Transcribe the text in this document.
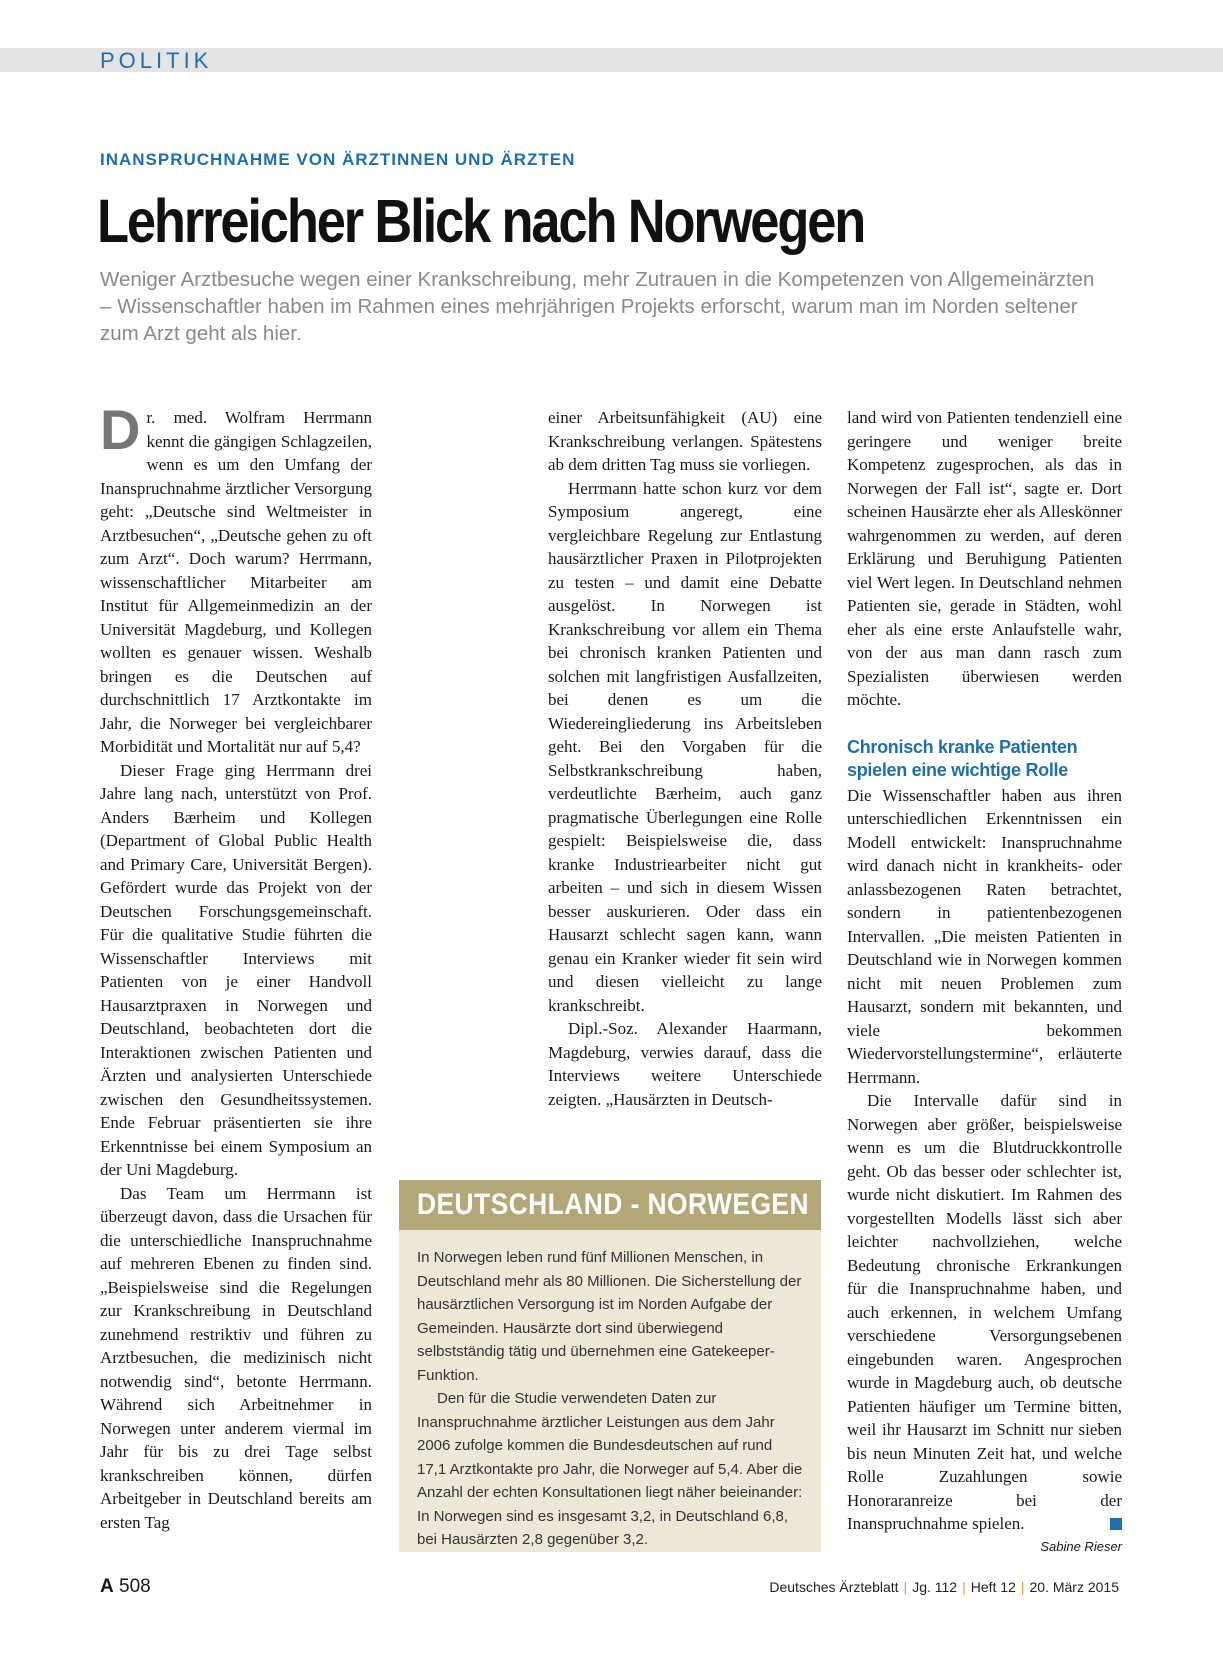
POLITIK
INANSPRUCHNAHME VON ÄRZTINNEN UND ÄRZTEN
Lehrreicher Blick nach Norwegen
Weniger Arztbesuche wegen einer Krankschreibung, mehr Zutrauen in die Kompetenzen von Allgemeinärzten – Wissenschaftler haben im Rahmen eines mehrjährigen Projekts erforscht, warum man im Norden seltener zum Arzt geht als hier.

Dr. med. Wolfram Herrmann kennt die gängigen Schlagzeilen, wenn es um den Umfang der Inanspruchnahme ärztlicher Versorgung geht: „Deutsche sind Weltmeister in Arztbesuchen“, „Deutsche gehen zu oft zum Arzt“. Doch warum? Herrmann, wissenschaftlicher Mitarbeiter am Institut für Allgemeinmedizin an der Universität Magdeburg, und Kollegen wollten es genauer wissen. Weshalb bringen es die Deutschen auf durchschnittlich 17 Arztkontakte im Jahr, die Norweger bei vergleichbarer Morbidität und Mortalität nur auf 5,4?

Dieser Frage ging Herrmann drei Jahre lang nach, unterstützt von Prof. Anders Bærheim und Kollegen (Department of Global Public Health and Primary Care, Universität Bergen). Gefördert wurde das Projekt von der Deutschen Forschungsgemeinschaft. Für die qualitative Studie führten die Wissenschaftler Interviews mit Patienten von je einer Handvoll Hausarztpraxen in Norwegen und Deutschland, beobachteten dort die Interaktionen zwischen Patienten und Ärzten und analysierten Unterschiede zwischen den Gesundheitssystemen. Ende Februar präsentierten sie ihre Erkenntnisse bei einem Symposium an der Uni Magdeburg.

Das Team um Herrmann ist überzeugt davon, dass die Ursachen für die unterschiedliche Inanspruchnahme auf mehreren Ebenen zu finden sind. „Beispielsweise sind die Regelungen zur Krankschreibung in Deutschland zunehmend restriktiv und führen zu Arztbesuchen, die medizinisch nicht notwendig sind“, betonte Herrmann. Während sich Arbeitnehmer in Norwegen unter anderem viermal im Jahr für bis zu drei Tage selbst krankschreiben können, dürfen Arbeitgeber in Deutschland bereits am ersten Tag

einer Arbeitsunfähigkeit (AU) eine Krankschreibung verlangen. Spätestens ab dem dritten Tag muss sie vorliegen.

Herrmann hatte schon kurz vor dem Symposium angeregt, eine vergleichbare Regelung zur Entlastung hausärztlicher Praxen in Pilotprojekten zu testen – und damit eine Debatte ausgelöst. In Norwegen ist Krankschreibung vor allem ein Thema bei chronisch kranken Patienten und solchen mit langfristigen Ausfallzeiten, bei denen es um die Wiedereingliederung ins Arbeitsleben geht. Bei den Vorgaben für die Selbstkrankschreibung haben, verdeutlichte Bærheim, auch ganz pragmatische Überlegungen eine Rolle gespielt: Beispielsweise die, dass kranke Industriearbeiter nicht gut arbeiten – und sich in diesem Wissen besser auskurieren. Oder dass ein Hausarzt schlecht sagen kann, wann genau ein Kranker wieder fit sein wird und diesen vielleicht zu lange krankschreibt.

Dipl.-Soz. Alexander Haarmann, Magdeburg, verwies darauf, dass die Interviews weitere Unterschiede zeigten. „Hausärzten in Deutsch-

land wird von Patienten tendenziell eine geringere und weniger breite Kompetenz zugesprochen, als das in Norwegen der Fall ist“, sagte er. Dort scheinen Hausärzte eher als Alleskönner wahrgenommen zu werden, auf deren Erklärung und Beruhigung Patienten viel Wert legen. In Deutschland nehmen Patienten sie, gerade in Städten, wohl eher als eine erste Anlaufstelle wahr, von der aus man dann rasch zum Spezialisten überwiesen werden möchte.

Chronisch kranke Patienten
spielen eine wichtige Rolle

Die Wissenschaftler haben aus ihren unterschiedlichen Erkenntnissen ein Modell entwickelt: Inanspruchnahme wird danach nicht in krankheits- oder anlassbezogenen Raten betrachtet, sondern in patientenbezogenen Intervallen. „Die meisten Patienten in Deutschland wie in Norwegen kommen nicht mit neuen Problemen zum Hausarzt, sondern mit bekannten, und viele bekommen Wiedervorstellungstermine“, erläuterte Herrmann.

Die Intervalle dafür sind in Norwegen aber größer, beispielsweise wenn es um die Blutdruckkontrolle geht. Ob das besser oder schlechter ist, wurde nicht diskutiert. Im Rahmen des vorgestellten Modells lässt sich aber leichter nachvollziehen, welche Bedeutung chronische Erkrankungen für die Inanspruchnahme haben, und auch erkennen, in welchem Umfang verschiedene Versorgungsebenen eingebunden waren. Angesprochen wurde in Magdeburg auch, ob deutsche Patienten häufiger um Termine bitten, weil ihr Hausarzt im Schnitt nur sieben bis neun Minuten Zeit hat, und welche Rolle Zuzahlungen sowie Honoraranreize bei der Inanspruchnahme spielen.

Sabine Rieser
DEUTSCHLAND - NORWEGEN

In Norwegen leben rund fünf Millionen Menschen, in Deutschland mehr als 80 Millionen. Die Sicherstellung der hausärztlichen Versorgung ist im Norden Aufgabe der Gemeinden. Hausärzte dort sind überwiegend selbstständig tätig und übernehmen eine Gatekeeper-Funktion.

Den für die Studie verwendeten Daten zur Inanspruchnahme ärztlicher Leistungen aus dem Jahr 2006 zufolge kommen die Bundesdeutschen auf rund 17,1 Arztkontakte pro Jahr, die Norweger auf 5,4. Aber die Anzahl der echten Konsultationen liegt näher beieinander: In Norwegen sind es insgesamt 3,2, in Deutschland 6,8, bei Hausärzten 2,8 gegenüber 3,2.

A 508	Deutsches Ärzteblatt | Jg. 112 | Heft 12 | 20. März 2015
